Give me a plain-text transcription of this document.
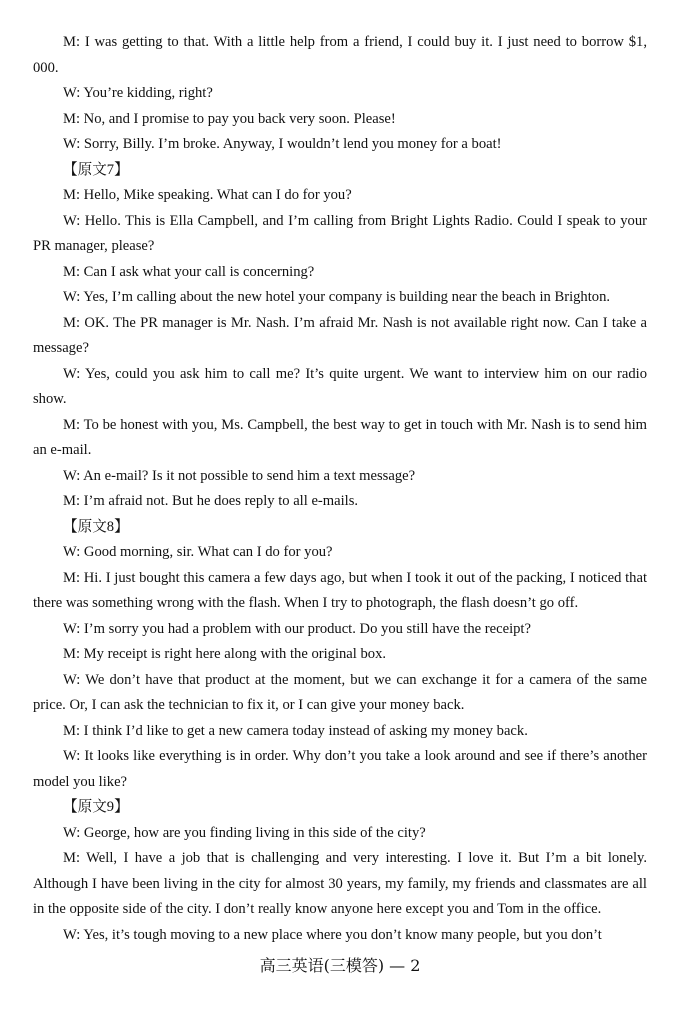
M: I was getting to that. With a little help from a friend, I could buy it. I just need to borrow $1, 000.

W: You’re kidding, right?

M: No, and I promise to pay you back very soon. Please!

W: Sorry, Billy. I’m broke. Anyway, I wouldn’t lend you money for a boat!

【原文7】

M: Hello, Mike speaking. What can I do for you?

W: Hello. This is Ella Campbell, and I’m calling from Bright Lights Radio. Could I speak to your PR manager, please?

M: Can I ask what your call is concerning?

W: Yes, I’m calling about the new hotel your company is building near the beach in Brighton.

M: OK. The PR manager is Mr. Nash. I’m afraid Mr. Nash is not available right now. Can I take a message?

W: Yes, could you ask him to call me? It’s quite urgent. We want to interview him on our radio show.

M: To be honest with you, Ms. Campbell, the best way to get in touch with Mr. Nash is to send him an e-mail.

W: An e-mail? Is it not possible to send him a text message?

M: I’m afraid not. But he does reply to all e-mails.

【原文8】

W: Good morning, sir. What can I do for you?

M: Hi. I just bought this camera a few days ago, but when I took it out of the packing, I noticed that there was something wrong with the flash. When I try to photograph, the flash doesn’t go off.

W: I’m sorry you had a problem with our product. Do you still have the receipt?

M: My receipt is right here along with the original box.

W: We don’t have that product at the moment, but we can exchange it for a camera of the same price. Or, I can ask the technician to fix it, or I can give your money back.

M: I think I’d like to get a new camera today instead of asking my money back.

W: It looks like everything is in order. Why don’t you take a look around and see if there’s another model you like?

【原文9】

W: George, how are you finding living in this side of the city?

M: Well, I have a job that is challenging and very interesting. I love it. But I’m a bit lonely. Although I have been living in the city for almost 30 years, my family, my friends and classmates are all in the opposite side of the city. I don’t really know anyone here except you and Tom in the office.

W: Yes, it’s tough moving to a new place where you don’t know many people, but you don’t

高三英语(三模答) — 2
